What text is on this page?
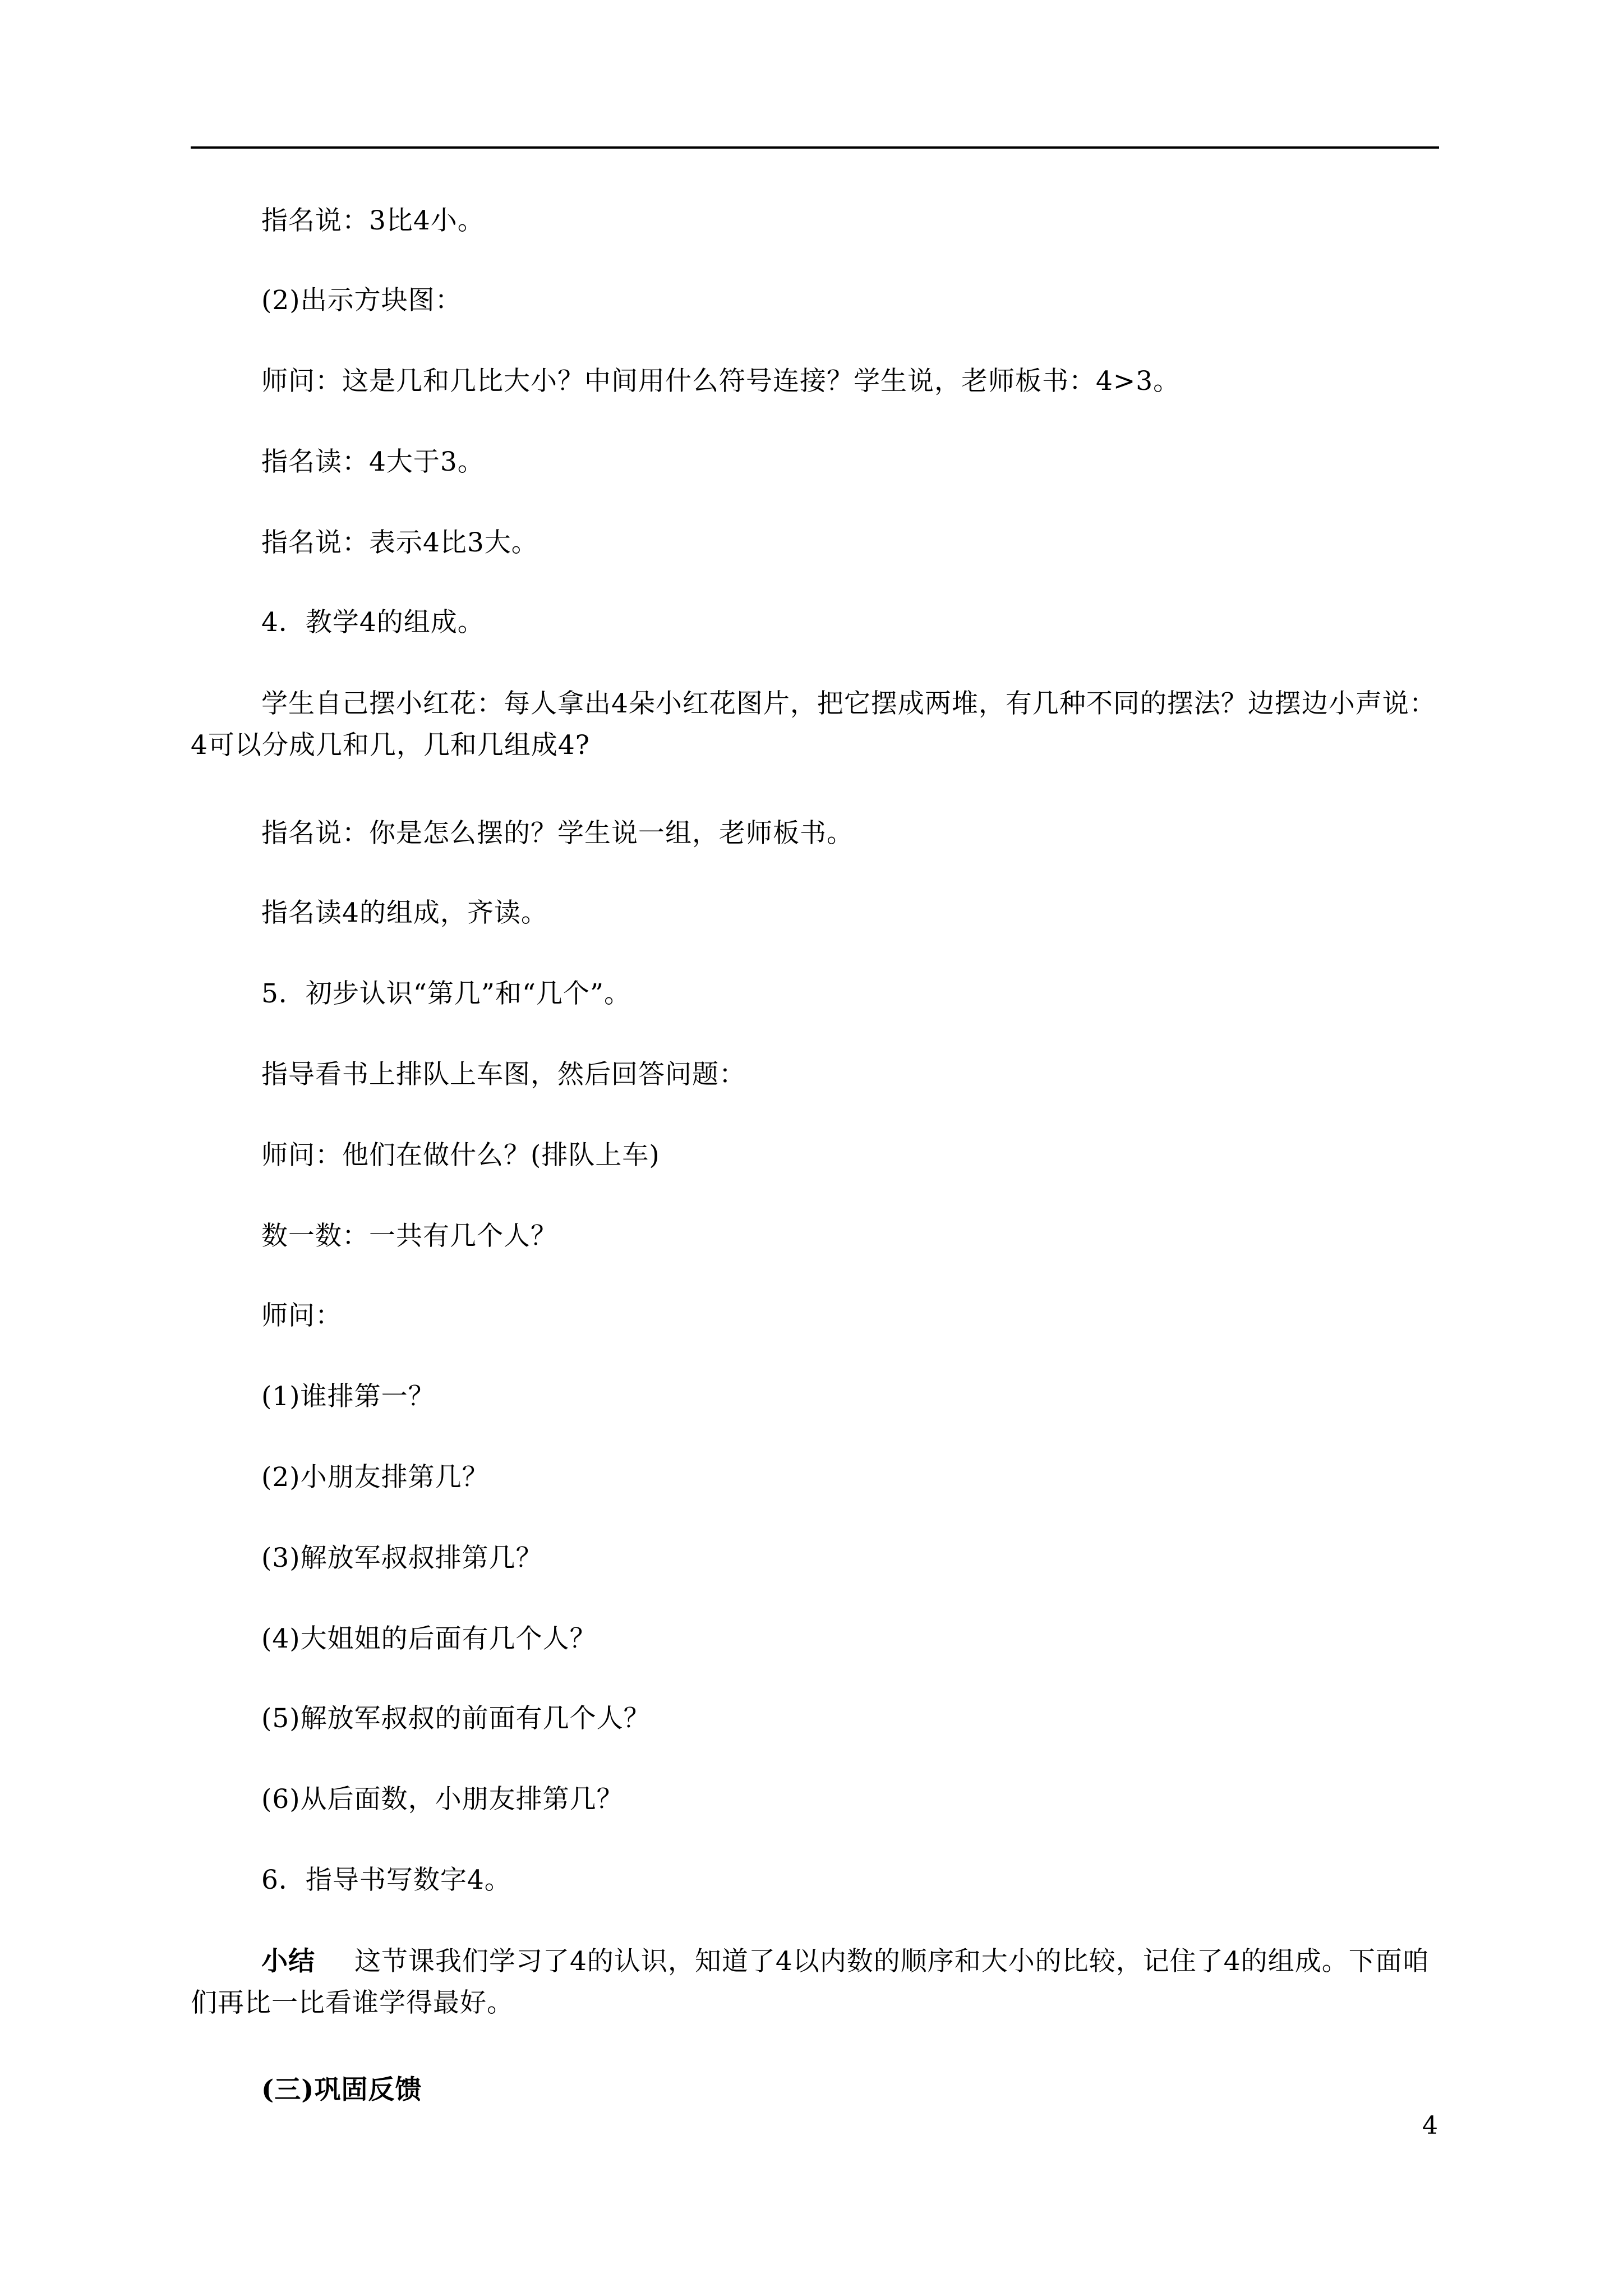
指名说：3比4小。

(2)出示方块图：

师问：这是几和几比大小？中间用什么符号连接？学生说，老师板书：4>3。

指名读：4大于3。

指名说：表示4比3大。

4．教学4的组成。

学生自己摆小红花：每人拿出4朵小红花图片，把它摆成两堆，有几种不同的摆法？边摆边小声说：4可以分成几和几，几和几组成4?

指名说：你是怎么摆的？学生说一组，老师板书。

指名读4的组成，齐读。

5．初步认识“第几”和“几个”。

指导看书上排队上车图，然后回答问题：

师问：他们在做什么？(排队上车)

数一数：一共有几个人？

师问：

(1)谁排第一？

(2)小朋友排第几？

(3)解放军叔叔排第几？

(4)大姐姐的后面有几个人？

(5)解放军叔叔的前面有几个人？

(6)从后面数，小朋友排第几？

6．指导书写数字4。

小结 这节课我们学习了4的认识，知道了4以内数的顺序和大小的比较，记住了4的组成。下面咱们再比一比看谁学得最好。

(三)巩固反馈

4
